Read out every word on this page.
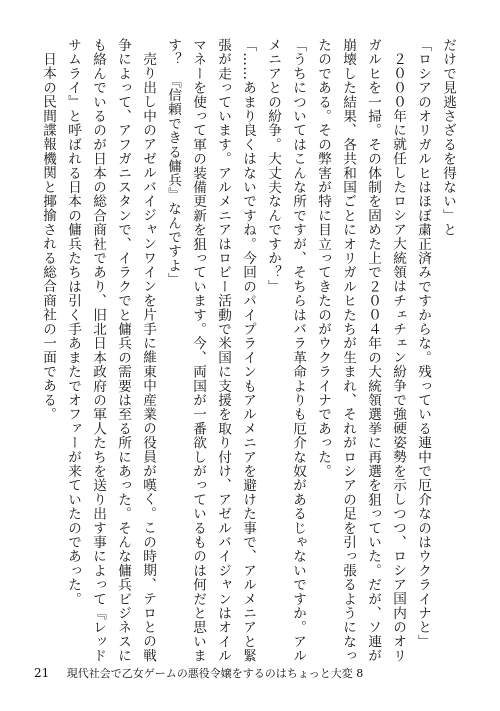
だけで見逃さざるを得ない」と
「ロシアのオリガルヒはほぼ粛正済みですからな。残っている連中で厄介なのはウクライナと」
２０００年に就任したロシア大統領はチェチェン紛争で強硬姿勢を示しつつ、ロシア国内のオリ
ガルヒを一掃。その体制を固めた上で２００４年の大統領選挙に再選を狙っていた。だが、ソ連が
崩壊した結果、各共和国ごとにオリガルヒたちが生まれ、それがロシアの足を引っ張るようになっ
たのである。その弊害が特に目立ってきたのがウクライナであった。
「うちについてはこんな所ですが、そちらはバラ革命よりも厄介な奴があるじゃないですか。アル
メニアとの紛争。大丈夫なんですか？」
「……あまり良くはないですね。今回のパイプラインもアルメニアを避けた事で、アルメニアと緊
張が走っています。アルメニアはロビー活動で米国に支援を取り付け、アゼルバイジャンはオイル
マネーを使って軍の装備更新を狙っています。今、両国が一番欲しがっているものは何だと思いま
す？　『信頼できる傭兵』なんですよ」
売り出し中のアゼルバイジャンワインを片手に維東中産業の役員が嘆く。この時期、テロとの戦
争によって、アフガニスタンで、イラクでと傭兵の需要は至る所にあった。そんな傭兵ビジネスに
も絡んでいるのが日本の総合商社であり、旧北日本政府の軍人たちを送り出す事によって『レッド
サムライ』と呼ばれる日本の傭兵たちは引く手あまたでオファーが来ていたのであった。
日本の民間諜報機関と揶揄される総合商社の一面である。
21 現代社会で乙女ゲームの悪役令嬢をするのはちょっと大変 8
